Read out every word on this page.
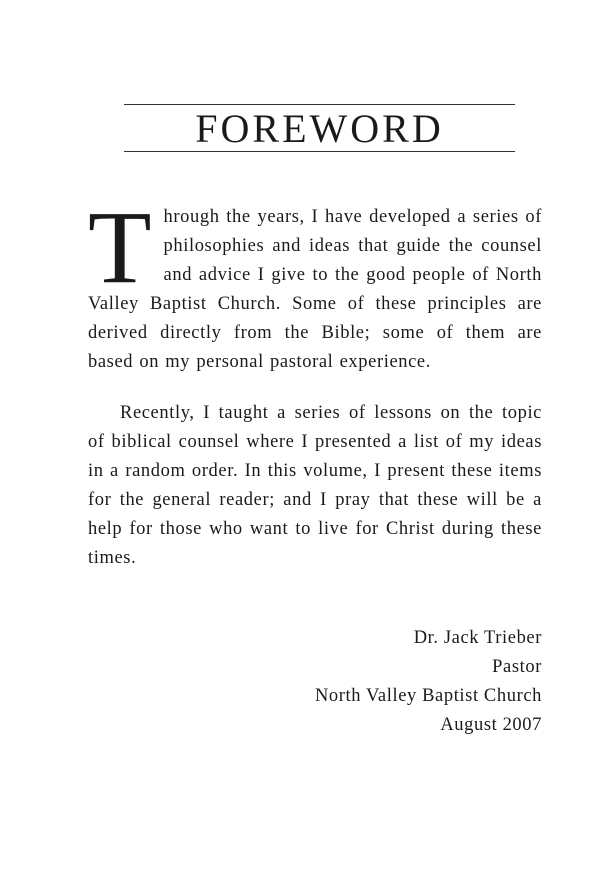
FOREWORD

Through the years, I have developed a series of philosophies and ideas that guide the counsel and advice I give to the good people of North Valley Baptist Church. Some of these principles are derived directly from the Bible; some of them are based on my personal pastoral experience.

Recently, I taught a series of lessons on the topic of biblical counsel where I presented a list of my ideas in a random order. In this volume, I present these items for the general reader; and I pray that these will be a help for those who want to live for Christ during these times.

Dr. Jack Trieber
Pastor
North Valley Baptist Church
August 2007
